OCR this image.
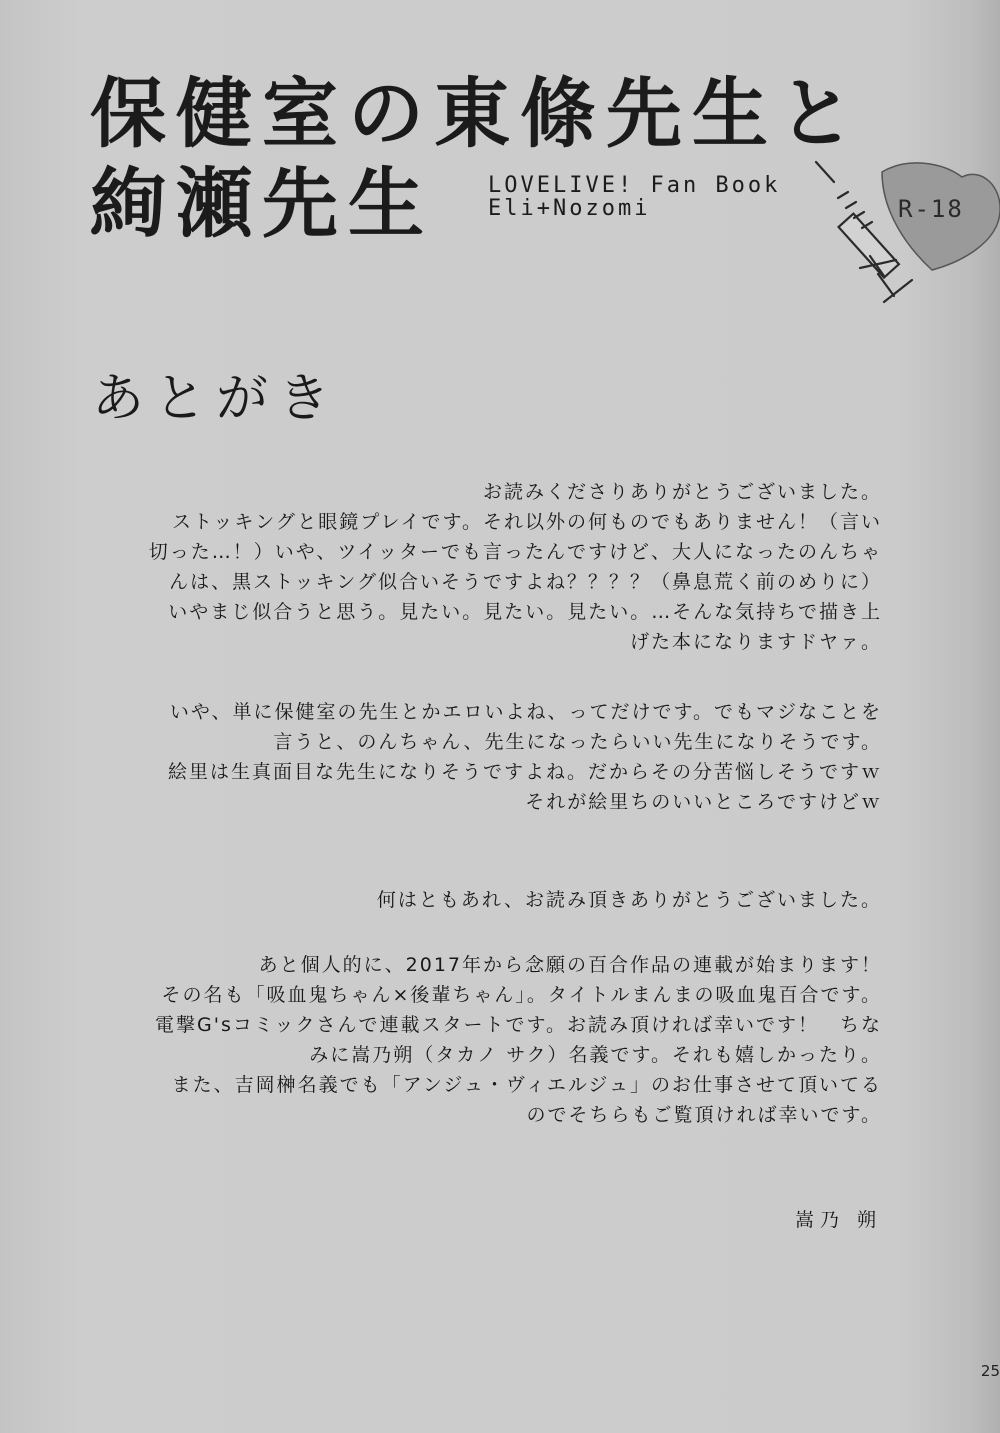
保健室の東條先生と
絢瀬先生 LOVELIVE! Fan Book
Eli+Nozomi	R-18
あとがき
お読みくださりありがとうございました。
ストッキングと眼鏡プレイです。それ以外の何ものでもありません！（言い
切った…！）いや、ツイッターでも言ったんですけど、大人になったのんちゃ
んは、黒ストッキング似合いそうですよね？？？？（鼻息荒く前のめりに）
いやまじ似合うと思う。見たい。見たい。見たい。…そんな気持ちで描き上
げた本になりますドヤァ。
いや、単に保健室の先生とかエロいよね、ってだけです。でもマジなことを
言うと、のんちゃん、先生になったらいい先生になりそうです。
絵里は生真面目な先生になりそうですよね。だからその分苦悩しそうですｗ
それが絵里ちのいいところですけどｗ
何はともあれ、お読み頂きありがとうございました。
あと個人的に、2017年から念願の百合作品の連載が始まります！
その名も「吸血鬼ちゃん×後輩ちゃん」。タイトルまんまの吸血鬼百合です。
電撃G'sコミックさんで連載スタートです。お読み頂ければ幸いです！　ちな
みに嵩乃朔（タカノ サク）名義です。それも嬉しかったり。
また、吉岡榊名義でも「アンジュ・ヴィエルジュ」のお仕事させて頂いてる
のでそちらもご覧頂ければ幸いです。
嵩乃 朔
25
